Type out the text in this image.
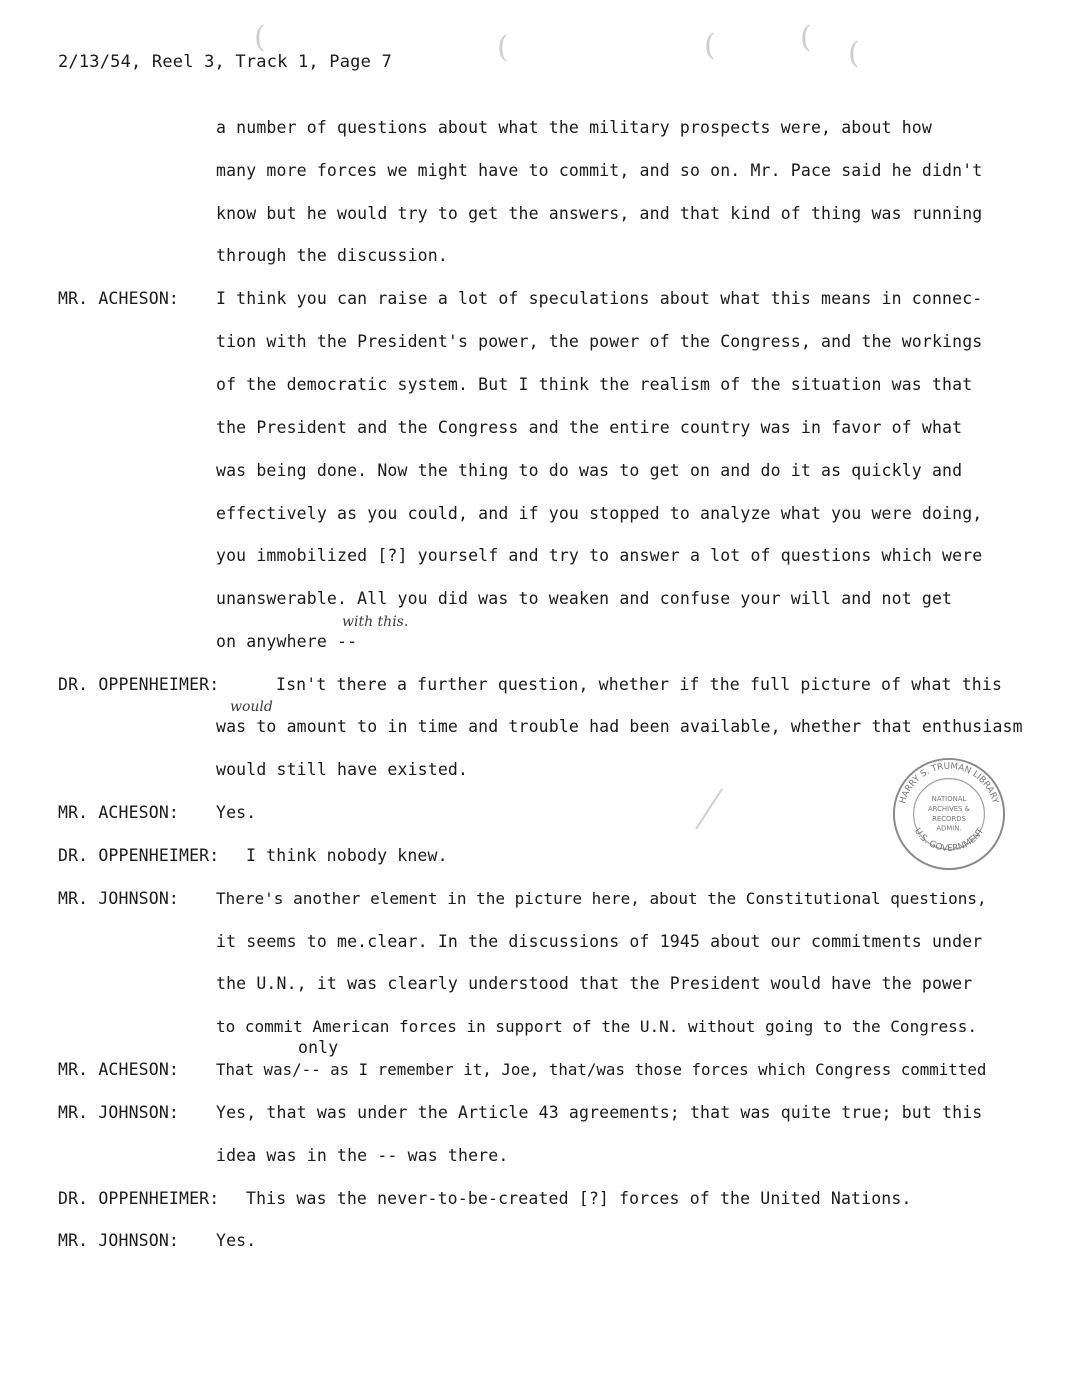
(	(	(	( (
2/13/54, Reel 3, Track 1, Page 7
a number of questions about what the military prospects were, about how
many more forces we might have to commit, and so on. Mr. Pace said he didn't
know but he would try to get the answers, and that kind of thing was running
through the discussion.
MR. ACHESON: I think you can raise a lot of speculations about what this means in connec-
tion with the President's power, the power of the Congress, and the workings
of the democratic system. But I think the realism of the situation was that
the President and the Congress and the entire country was in favor of what
was being done. Now the thing to do was to get on and do it as quickly and
effectively as you could, and if you stopped to analyze what you were doing,
you immobilized [?] yourself and try to answer a lot of questions which were
unanswerable. All you did was to weaken and confuse your will and not get
on anywhere --
with this.
DR. OPPENHEIMER:	Isn't there a further question, whether if the full picture of what this
would
was to amount to in time and trouble had been available, whether that enthusiasm
would still have existed.
MR. ACHESON: Yes.
DR. OPPENHEIMER: I think nobody knew.
MR. JOHNSON: There's another element in the picture here, about the Constitutional questions,
it seems to me.clear. In the discussions of 1945 about our commitments under
the U.N., it was clearly understood that the President would have the power
to commit American forces in support of the U.N. without going to the Congress.
only
MR. ACHESON: That was/-- as I remember it, Joe, that/was those forces which Congress committed
MR. JOHNSON: Yes, that was under the Article 43 agreements; that was quite true; but this
idea was in the -- was there.
DR. OPPENHEIMER: This was the never-to-be-created [?] forces of the United Nations.
MR. JOHNSON: Yes.
HARRY S. TRUMAN LIBRARY
U.S. GOVERNMENT
NATIONAL
ARCHIVES &
RECORDS
ADMIN.
